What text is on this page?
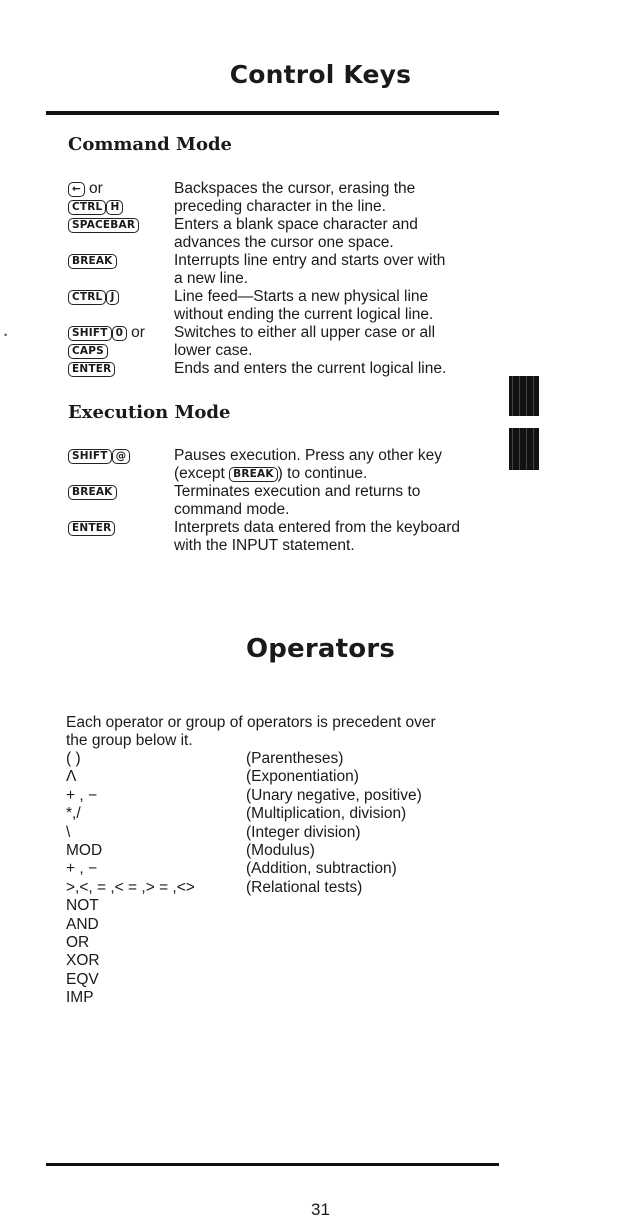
Control Keys
Command Mode
← or	Backspaces the cursor, erasing the
CTRL H	preceding character in the line.
SPACEBAR	Enters a blank space character and
advances the cursor one space.
BREAK	Interrupts line entry and starts over with
a new line.
CTRL J	Line feed—Starts a new physical line
without ending the current logical line.
SHIFT 0 or	Switches to either all upper case or all
CAPS	lower case.
ENTER	Ends and enters the current logical line.
Execution Mode
SHIFT @	Pauses execution. Press any other key
(except BREAK ) to continue.
BREAK	Terminates execution and returns to
command mode.
ENTER	Interprets data entered from the keyboard
with the INPUT statement.
•
Operators
Each operator or group of operators is precedent over
the group below it.
( )	(Parentheses)
Λ	(Exponentiation)
+ , −	(Unary negative, positive)
*,/	(Multiplication, division)
\	(Integer division)
MOD	(Modulus)
+ , −	(Addition, subtraction)
>,<, = ,< = ,> = ,<>	(Relational tests)
NOT
AND
OR
XOR
EQV
IMP
31
